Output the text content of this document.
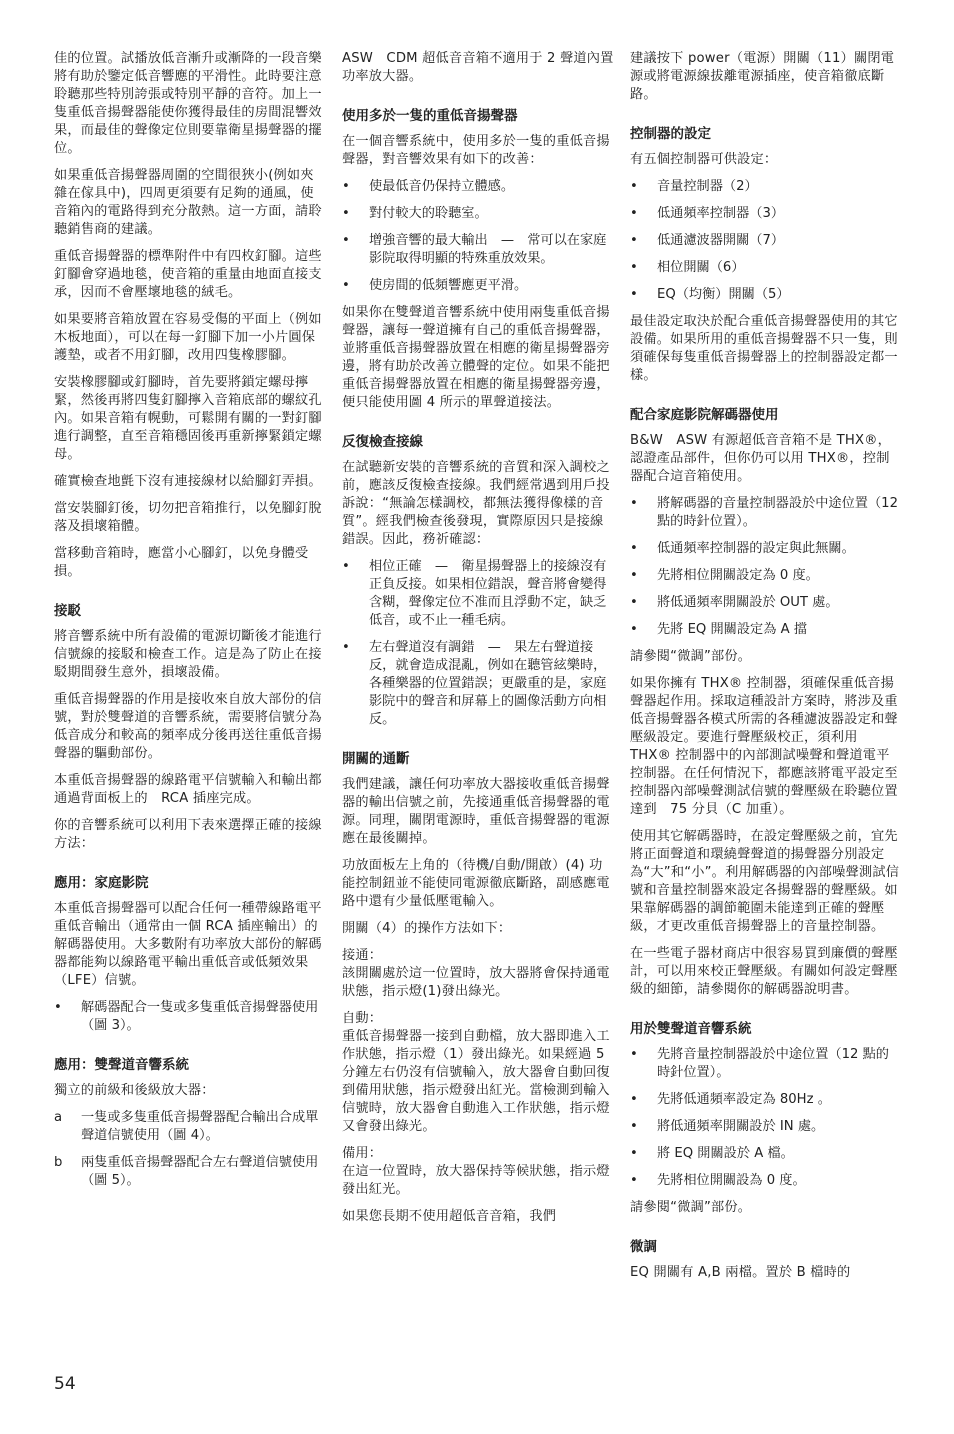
佳的位置。試播放低音漸升或漸降的一段音樂將有助於鑒定低音響應的平滑性。此時要注意聆聽那些特別誇張或特別平靜的音符。加上一隻重低音揚聲器能使你獲得最佳的房間混響效果，而最佳的聲像定位則要靠衛星揚聲器的擺位。

如果重低音揚聲器周圍的空間很狹小(例如夾雜在傢具中)，四周更須要有足夠的通風，使音箱內的電路得到充分散熱。這一方面，請聆聽銷售商的建議。

重低音揚聲器的標準附件中有四枚釘腳。這些釘腳會穿過地毯，使音箱的重量由地面直接支承，因而不會壓壞地毯的絨毛。

如果要將音箱放置在容易受傷的平面上（例如木板地面），可以在每一釘腳下加一小片圓保護墊，或者不用釘腳，改用四隻橡膠腳。

安裝橡膠腳或釘腳時，首先要將鎖定螺母擰緊，然後再將四隻釘腳擰入音箱底部的螺紋孔內。如果音箱有幌動，可鬆開有關的一對釘腳進行調整，直至音箱穩固後再重新擰緊鎖定螺母。

確實檢查地氈下沒有連接線材以給腳釘弄損。

當安裝腳釘後，切勿把音箱推行，以免腳釘脫落及損壞箱體。

當移動音箱時，應當小心腳釘，以免身體受損。

接駁

將音響系統中所有設備的電源切斷後才能進行信號線的接駁和檢查工作。這是為了防止在接駁期間發生意外，損壞設備。

重低音揚聲器的作用是接收來自放大部份的信號，對於雙聲道的音響系統，需要將信號分為低音成分和較高的頻率成分後再送往重低音揚聲器的驅動部份。

本重低音揚聲器的線路電平信號輸入和輸出都通過背面板上的　RCA 插座完成。

你的音響系統可以利用下表來選擇正確的接線方法：

應用：家庭影院

本重低音揚聲器可以配合任何一種帶線路電平重低音輸出（通常由一個 RCA 插座輸出）的解碼器使用。大多數附有功率放大部份的解碼器都能夠以線路電平輸出重低音或低頻效果（LFE）信號。

•	解碼器配合一隻或多隻重低音揚聲器使用（圖 3）。
應用：雙聲道音響系統

獨立的前級和後級放大器：

a	一隻或多隻重低音揚聲器配合輸出合成單聲道信號使用（圖 4）。
b	兩隻重低音揚聲器配合左右聲道信號使用（圖 5）。

ASW　CDM 超低音音箱不適用于 2 聲道內置功率放大器。

使用多於一隻的重低音揚聲器

在一個音響系統中，使用多於一隻的重低音揚聲器，對音響效果有如下的改善：

•	使最低音仍保持立體感。
•	對付較大的聆聽室。
•	增強音響的最大輸出　—　常可以在家庭影院取得明顯的特殊重放效果。
•	使房間的低頻響應更平滑。

如果你在雙聲道音響系統中使用兩隻重低音揚聲器，讓每一聲道擁有自己的重低音揚聲器，並將重低音揚聲器放置在相應的衛星揚聲器旁邊，將有助於改善立體聲的定位。如果不能把重低音揚聲器放置在相應的衛星揚聲器旁邊，便只能使用圖 4 所示的單聲道接法。

反復檢查接線

在試聽新安裝的音響系統的音質和深入調校之前，應該反復檢查接線。我們經常遇到用戶投訴說：“無論怎樣調校，都無法獲得像樣的音質”。經我們檢查後發現，實際原因只是接線錯誤。因此，務祈確認：

•	相位正確　—　衛星揚聲器上的接線沒有正負反接。如果相位錯誤，聲音將會變得含糊，聲像定位不准而且浮動不定，缺乏低音，或不止一種毛病。
•	左右聲道沒有調錯　—　果左右聲道接反，就會造成混亂，例如在聽管絃樂時，各種樂器的位置錯誤；更嚴重的是，家庭影院中的聲音和屏幕上的圖像活動方向相反。
開關的通斷

我們建議，讓任何功率放大器接收重低音揚聲器的輸出信號之前，先接通重低音揚聲器的電源。同理，關閉電源時，重低音揚聲器的電源應在最後關掉。

功放面板左上角的（待機/自動/開啟）(4) 功能控制鈕並不能使同電源徹底斷路，副感應電路中還有少量低壓電輸入。

開關（4）的操作方法如下：

接通：
該開關處於這一位置時，放大器將會保持通電狀態，指示燈(1)發出綠光。

自動：
重低音揚聲器一接到自動檔，放大器即進入工作狀態，指示燈（1）發出綠光。如果經過 5 分鐘左右仍沒有信號輸入，放大器會自動回復到備用狀態，指示燈發出紅光。當檢測到輸入信號時，放大器會自動進入工作狀態，指示燈又會發出綠光。

備用：
在這一位置時，放大器保持等候狀態，指示燈發出紅光。

如果您長期不使用超低音音箱，我們

建議按下 power（電源）開關（11）關閉電源或將電源線拔離電源插座，使音箱徹底斷路。

控制器的設定

有五個控制器可供設定：

•	音量控制器（2）
•	低通頻率控制器（3）
•	低通濾波器開關（7）
•	相位開關（6）
•	EQ（均衡）開關（5）

最佳設定取決於配合重低音揚聲器使用的其它設備。如果所用的重低音揚聲器不只一隻，則須確保每隻重低音揚聲器上的控制器設定都一樣。

配合家庭影院解碼器使用

B&W　ASW 有源超低音音箱不是 THX®，認證產品部件，但你仍可以用 THX®，控制器配合這音箱使用。

•	將解碼器的音量控制器設於中途位置（12 點的時針位置）。
•	低通頻率控制器的設定與此無關。
•	先將相位開關設定為 0 度。
•	將低通頻率開關設於 OUT 處。
•	先將 EQ 開關設定為 A 擋

請參閱“微調”部份。

如果你擁有 THX® 控制器，須確保重低音揚聲器起作用。採取這種設計方案時，將涉及重低音揚聲器各模式所需的各種濾波器設定和聲壓級設定。要進行聲壓級校正，須利用 THX® 控制器中的內部測試噪聲和聲道電平控制器。在任何情況下，都應該將電平設定至控制器內部噪聲測試信號的聲壓級在聆聽位置達到　75 分貝（C 加重）。

使用其它解碼器時，在設定聲壓級之前，宜先將正面聲道和環繞聲聲道的揚聲器分別設定為“大”和“小”。利用解碼器的內部噪聲測試信號和音量控制器來設定各揚聲器的聲壓級。如果靠解碼器的調節範圍未能達到正確的聲壓級，才更改重低音揚聲器上的音量控制器。

在一些電子器材商店中很容易買到廉價的聲壓計，可以用來校正聲壓級。有關如何設定聲壓級的細節，請參閱你的解碼器說明書。

用於雙聲道音響系統
•	先將音量控制器設於中途位置（12 點的時針位置）。
•	先將低通頻率設定為 80Hz 。
•	將低通頻率開關設於 IN 處。
•	將 EQ 開關設於 A 檔。
•	先將相位開關設為 0 度。

請參閱“微調”部份。

微調

EQ 開關有 A,B 兩檔。置於 B 檔時的

54
